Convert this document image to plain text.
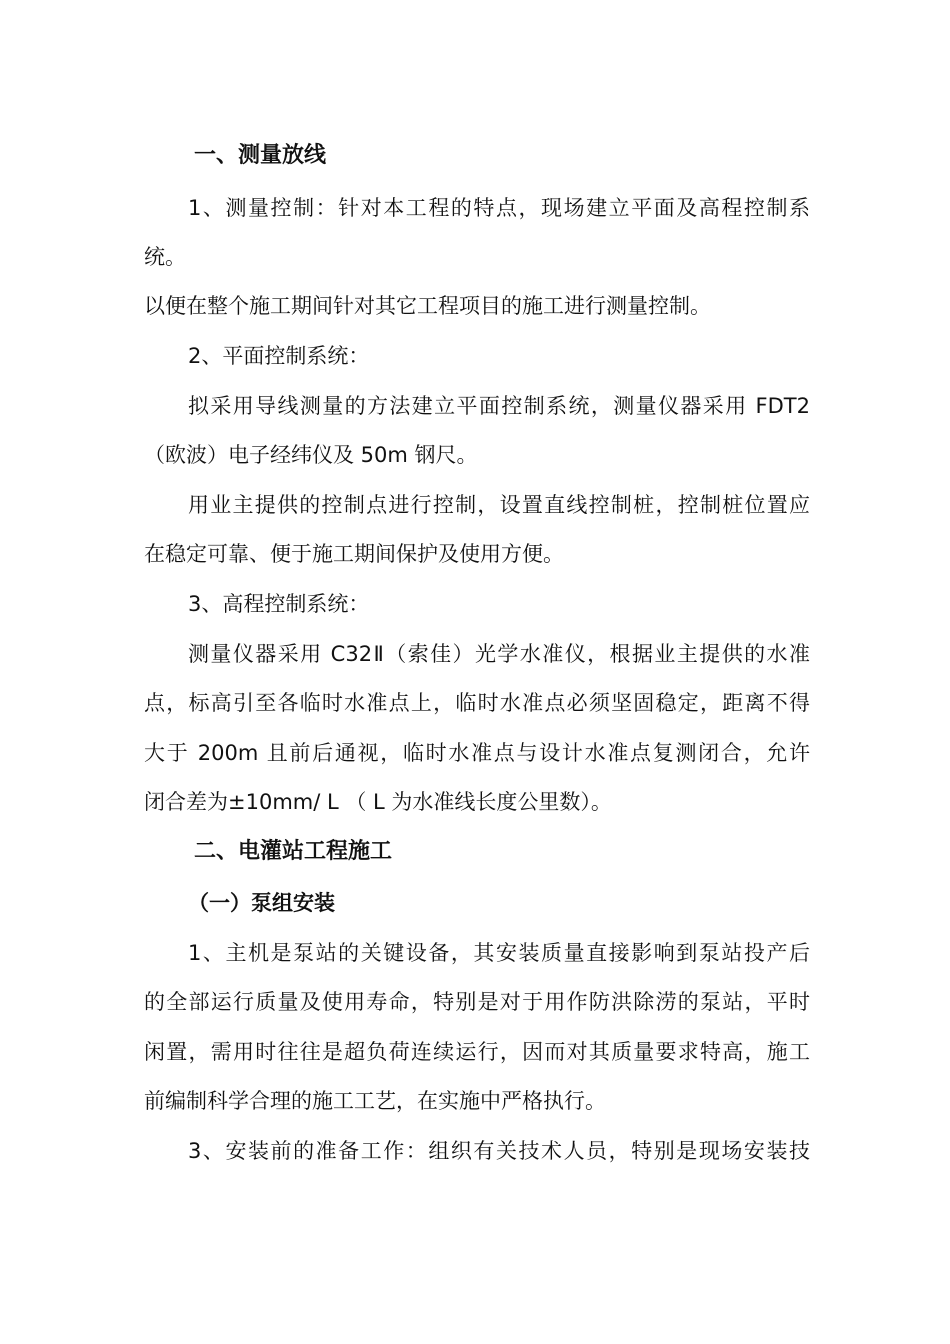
一、测量放线
1、测量控制：针对本工程的特点，现场建立平面及高程控制系
统。
以便在整个施工期间针对其它工程项目的施工进行测量控制。
2、平面控制系统：
拟采用导线测量的方法建立平面控制系统，测量仪器采用 FDT2
（欧波）电子经纬仪及 50m 钢尺。
用业主提供的控制点进行控制，设置直线控制桩，控制桩位置应
在稳定可靠、便于施工期间保护及使用方便。
3、高程控制系统：
测量仪器采用 C32Ⅱ（索佳）光学水准仪，根据业主提供的水准
点，标高引至各临时水准点上，临时水准点必须坚固稳定，距离不得
大于 200m 且前后通视，临时水准点与设计水准点复测闭合，允许
闭合差为±10mm/ L （ L 为水准线长度公里数）。
二、电灌站工程施工
（一）泵组安装
1、主机是泵站的关键设备，其安装质量直接影响到泵站投产后
的全部运行质量及使用寿命，特别是对于用作防洪除涝的泵站，平时
闲置，需用时往往是超负荷连续运行，因而对其质量要求特高，施工
前编制科学合理的施工工艺，在实施中严格执行。
3、安装前的准备工作：组织有关技术人员，特别是现场安装技
